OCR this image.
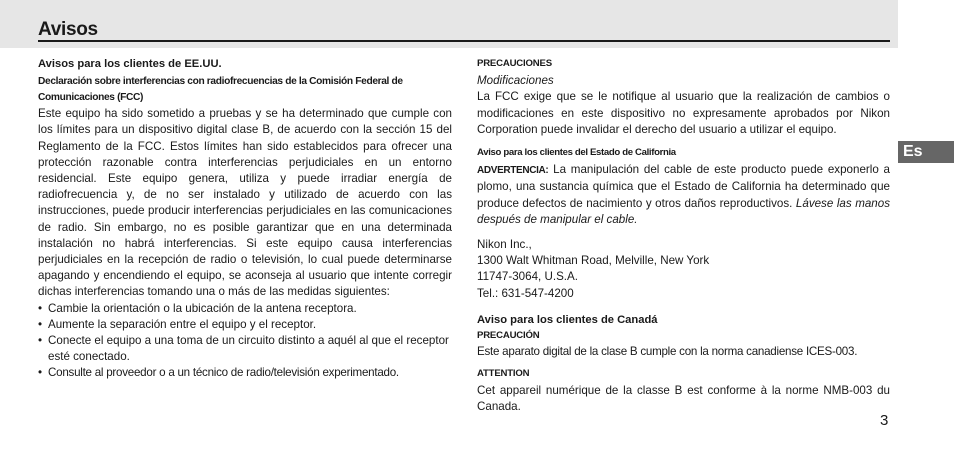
Avisos
Es
3

Avisos para los clientes de EE.UU.

Declaración sobre interferencias con radiofrecuencias de la Comisión Federal de Comunicaciones (FCC)

Este equipo ha sido sometido a pruebas y se ha determinado que cumple con los límites para un dispositivo digital clase B, de acuerdo con la sección 15 del Reglamento de la FCC. Estos límites han sido establecidos para ofrecer una protección razonable contra interferencias perjudiciales en un entorno residencial. Este equipo genera, utiliza y puede irradiar energía de radiofrecuencia y, de no ser instalado y utilizado de acuerdo con las instrucciones, puede producir interferencias perjudiciales en las comunicaciones de radio. Sin embargo, no es posible garantizar que en una determinada instalación no habrá interferencias. Si este equipo causa interferencias perjudiciales en la recepción de radio o televisión, lo cual puede determinarse apagando y encendiendo el equipo, se aconseja al usuario que intente corregir dichas interferencias tomando una o más de las medidas siguientes:

• Cambie la orientación o la ubicación de la antena receptora.
• Aumente la separación entre el equipo y el receptor.
• Conecte el equipo a una toma de un circuito distinto a aquél al que el receptor esté conectado.
• Consulte al proveedor o a un técnico de radio/televisión experimentado.

PRECAUCIONES

Modificaciones

La FCC exige que se le notifique al usuario que la realización de cambios o modificaciones en este dispositivo no expresamente aprobados por Nikon Corporation puede invalidar el derecho del usuario a utilizar el equipo.

Aviso para los clientes del Estado de California

ADVERTENCIA: La manipulación del cable de este producto puede exponerlo a plomo, una sustancia química que el Estado de California ha determinado que produce defectos de nacimiento y otros daños reproductivos. Lávese las manos después de manipular el cable.

Nikon Inc.,

1300 Walt Whitman Road, Melville, New York

11747-3064, U.S.A.

Tel.: 631-547-4200

Aviso para los clientes de Canadá

PRECAUCIÓN

Este aparato digital de la clase B cumple con la norma canadiense ICES-003.

ATTENTION

Cet appareil numérique de la classe B est conforme à la norme NMB-003 du Canada.
